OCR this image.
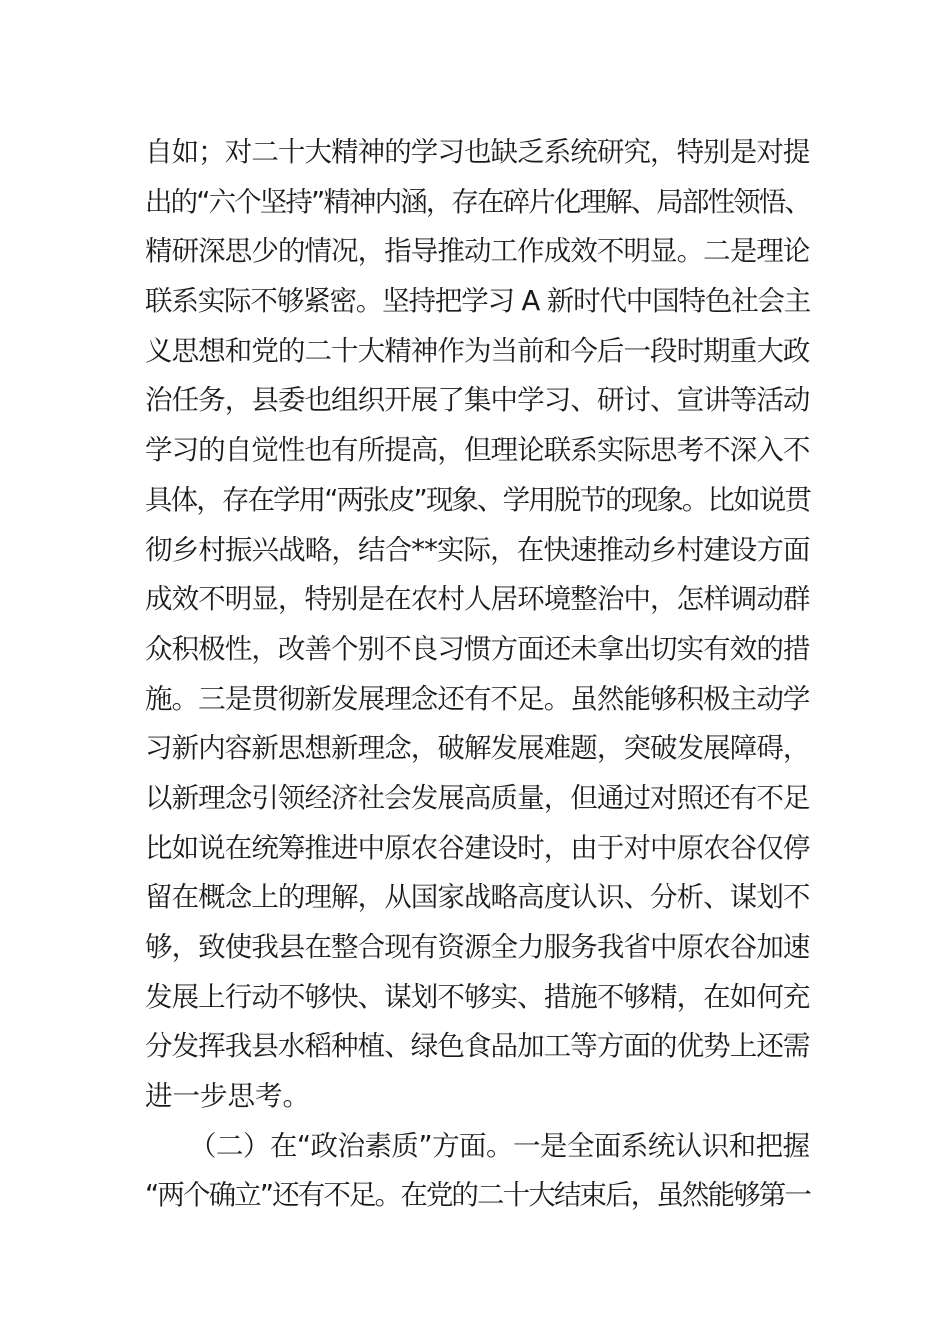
自如；对二十大精神的学习也缺乏系统研究，特别是对提
出的“六个坚持”精神内涵，存在碎片化理解、局部性领悟、
精研深思少的情况，指导推动工作成效不明显。二是理论
联系实际不够紧密。坚持把学习 A 新时代中国特色社会主
义思想和党的二十大精神作为当前和今后一段时期重大政
治任务，县委也组织开展了集中学习、研讨、宣讲等活动
学习的自觉性也有所提高，但理论联系实际思考不深入不
具体，存在学用“两张皮”现象、学用脱节的现象。比如说贯
彻乡村振兴战略，结合**实际，在快速推动乡村建设方面
成效不明显，特别是在农村人居环境整治中，怎样调动群
众积极性，改善个别不良习惯方面还未拿出切实有效的措
施。三是贯彻新发展理念还有不足。虽然能够积极主动学
习新内容新思想新理念，破解发展难题，突破发展障碍，
以新理念引领经济社会发展高质量，但通过对照还有不足
比如说在统筹推进中原农谷建设时，由于对中原农谷仅停
留在概念上的理解，从国家战略高度认识、分析、谋划不
够，致使我县在整合现有资源全力服务我省中原农谷加速
发展上行动不够快、谋划不够实、措施不够精，在如何充
分发挥我县水稻种植、绿色食品加工等方面的优势上还需
进一步思考。
（二）在“政治素质”方面。一是全面系统认识和把握
“两个确立”还有不足。在党的二十大结束后，虽然能够第一
